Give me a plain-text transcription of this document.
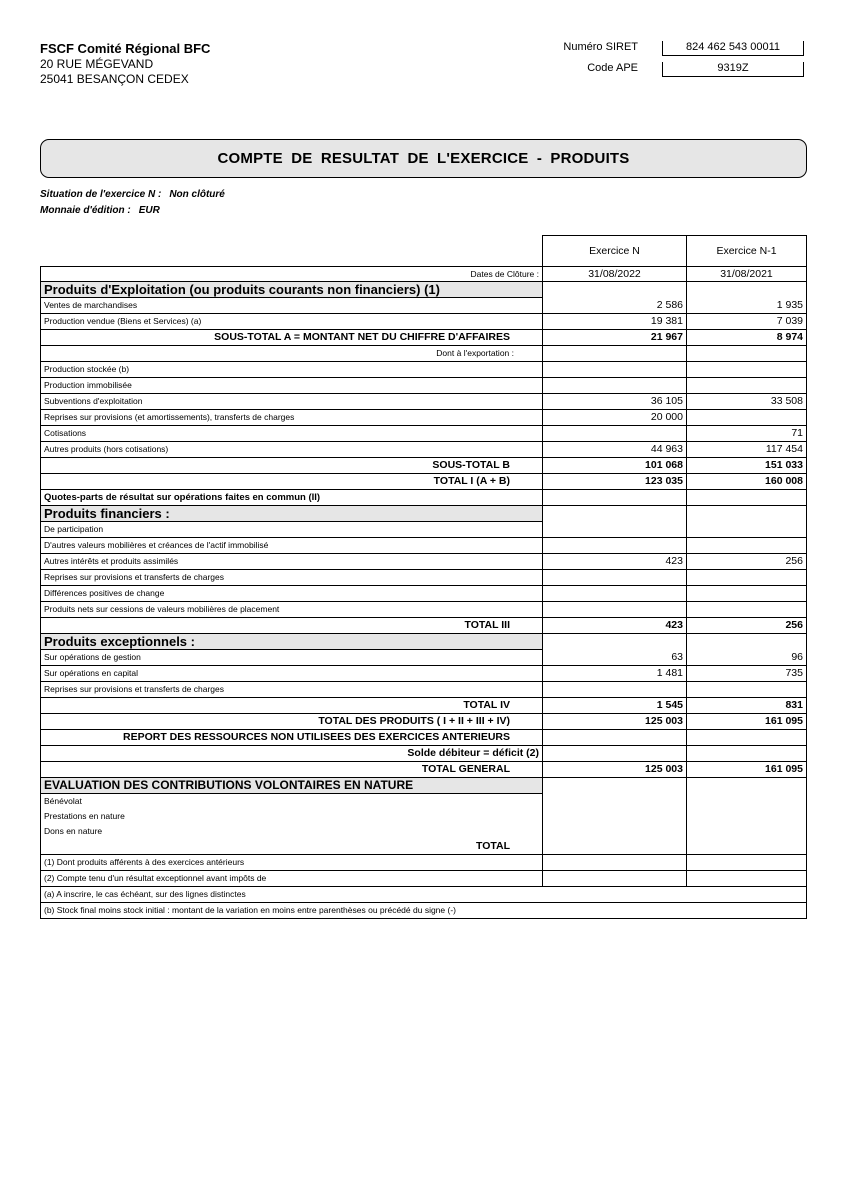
FSCF Comité Régional BFC
20 RUE MÉGEVAND
25041 BESANÇON CEDEX
Numéro SIRET	824 462 543 00011
Code APE	9319Z
COMPTE DE RESULTAT DE L'EXERCICE - PRODUITS
Situation de l'exercice N : Non clôturé
Monnaie d'édition : EUR
	Exercice N	Exercice N-1
Dates de Clôture :	31/08/2022	31/08/2021
Produits d'Exploitation (ou produits courants non financiers) (1)		
Ventes de marchandises	2 586	1 935
Production vendue (Biens et Services) (a)	19 381	7 039
SOUS-TOTAL A = MONTANT NET DU CHIFFRE D'AFFAIRES	21 967	8 974
Dont à l'exportation :		
Production stockée (b)		
Production immobilisée		
Subventions d'exploitation	36 105	33 508
Reprises sur provisions (et amortissements), transferts de charges	20 000	
Cotisations		71
Autres produits (hors cotisations)	44 963	117 454
SOUS-TOTAL B	101 068	151 033
TOTAL I (A + B)	123 035	160 008
Quotes-parts de résultat sur opérations faites en commun (II)		
Produits financiers :		
De participation		
D'autres valeurs mobilières et créances de l'actif immobilisé		
Autres intérêts et produits assimilés	423	256
Reprises sur provisions et transferts de charges		
Différences positives de change		
Produits nets sur cessions de valeurs mobilières de placement		
TOTAL III	423	256
Produits exceptionnels :		
Sur opérations de gestion	63	96
Sur opérations en capital	1 481	735
Reprises sur provisions et transferts de charges		
TOTAL IV	1 545	831
TOTAL DES PRODUITS ( I + II + III + IV)	125 003	161 095
REPORT DES RESSOURCES NON UTILISEES DES EXERCICES ANTERIEURS		
Solde débiteur = déficit (2)		
TOTAL GENERAL	125 003	161 095
EVALUATION DES CONTRIBUTIONS VOLONTAIRES EN NATURE		
Bénévolat		
Prestations en nature		
Dons en nature		
TOTAL		
(1) Dont produits afférents à des exercices antérieurs		
(2) Compte tenu d'un résultat exceptionnel avant impôts de		
(a) A inscrire, le cas échéant, sur des lignes distinctes		
(b) Stock final moins stock initial : montant de la variation en moins entre parenthèses ou précédé du signe (-)		
